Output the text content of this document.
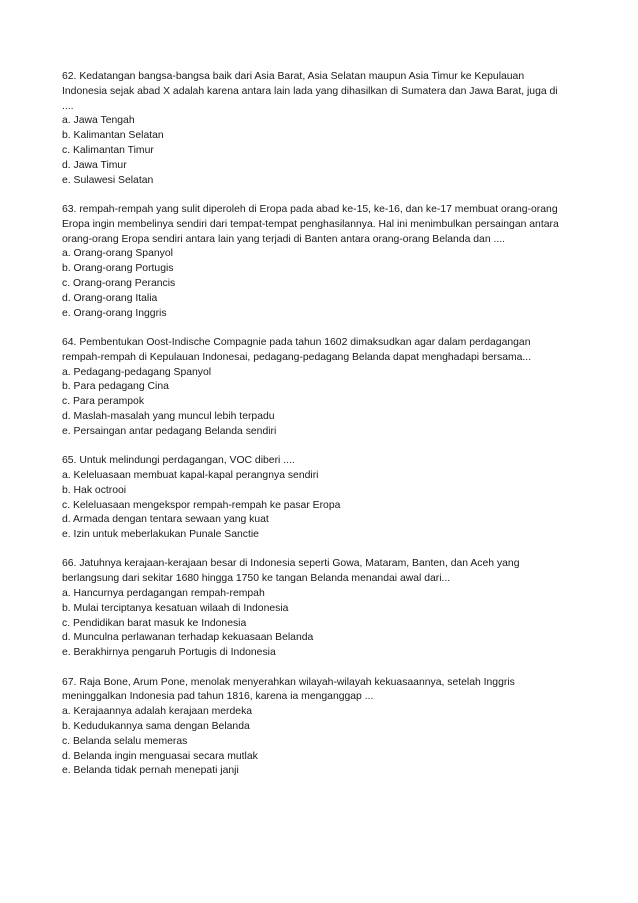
62. Kedatangan bangsa-bangsa baik dari Asia Barat, Asia Selatan maupun Asia Timur ke Kepulauan Indonesia sejak abad X adalah karena antara lain lada yang dihasilkan di Sumatera dan Jawa Barat, juga di ....

a. Jawa Tengah
b. Kalimantan Selatan
c. Kalimantan Timur
d. Jawa Timur
e. Sulawesi Selatan

63. rempah-rempah yang sulit diperoleh di Eropa pada abad ke-15, ke-16, dan ke-17 membuat orang-orang Eropa ingin membelinya sendiri dari tempat-tempat penghasilannya. Hal ini menimbulkan persaingan antara orang-orang Eropa sendiri antara lain yang terjadi di Banten antara orang-orang Belanda dan ....

a. Orang-orang Spanyol
b. Orang-orang Portugis
c. Orang-orang Perancis
d. Orang-orang Italia
e. Orang-orang Inggris

64. Pembentukan Oost-Indische Compagnie pada tahun 1602 dimaksudkan agar dalam perdagangan rempah-rempah di Kepulauan Indonesai, pedagang-pedagang Belanda dapat menghadapi bersama...

a. Pedagang-pedagang Spanyol
b. Para pedagang Cina
c. Para perampok
d. Maslah-masalah yang muncul lebih terpadu
e. Persaingan antar pedagang Belanda sendiri

65. Untuk melindungi perdagangan, VOC diberi ....

a. Keleluasaan membuat kapal-kapal perangnya sendiri
b. Hak octrooi
c. Keleluasaan mengekspor rempah-rempah ke pasar Eropa
d. Armada dengan tentara sewaan yang kuat
e. Izin untuk meberlakukan Punale Sanctie

66. Jatuhnya kerajaan-kerajaan besar di Indonesia seperti Gowa, Mataram, Banten, dan Aceh yang berlangsung dari sekitar 1680 hingga 1750 ke tangan Belanda menandai awal dari...

a. Hancurnya perdagangan rempah-rempah
b. Mulai terciptanya kesatuan wilaah di Indonesia
c. Pendidikan barat masuk ke Indonesia
d. Munculna perlawanan terhadap kekuasaan Belanda
e. Berakhirnya pengaruh Portugis di Indonesia

67. Raja Bone, Arum Pone, menolak menyerahkan wilayah-wilayah kekuasaannya, setelah Inggris meninggalkan Indonesia pad tahun 1816, karena ia menganggap ...

a. Kerajaannya adalah kerajaan merdeka
b. Kedudukannya sama dengan Belanda
c. Belanda selalu memeras
d. Belanda ingin menguasai secara mutlak
e. Belanda tidak pernah menepati janji
